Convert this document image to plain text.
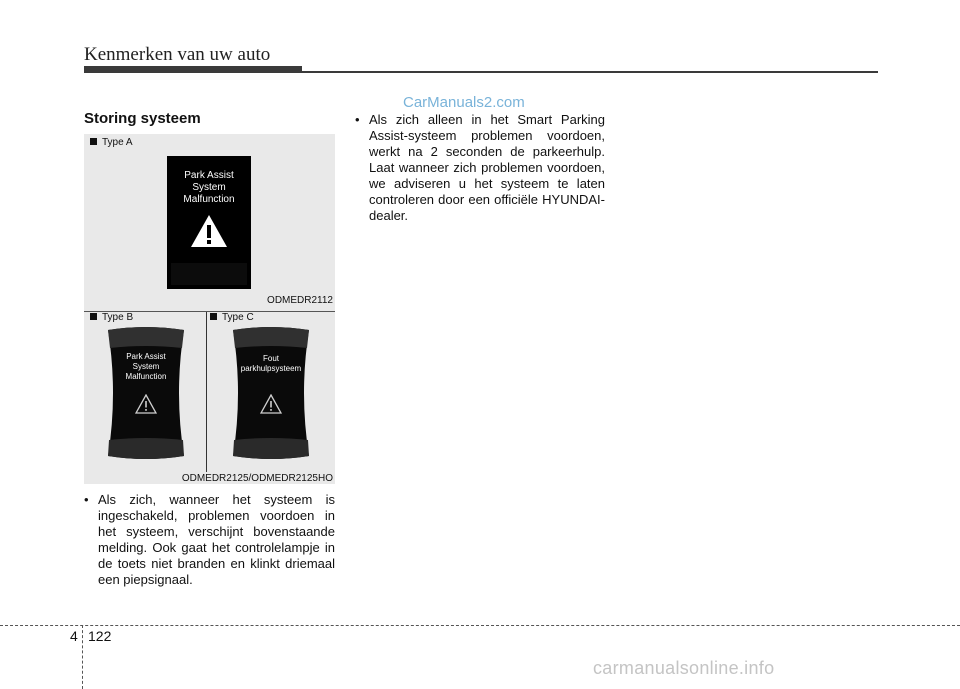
Kenmerken van uw auto
CarManuals2.com
Storing systeem
Type A
Park Assist
System
Malfunction
ODMEDR2112
Type B	Type C
Park Assist
System
Malfunction
Fout
parkhulpsysteem
ODMEDR2125/ODMEDR2125HO
• Als zich, wanneer het systeem is ingeschakeld, problemen voordoen in het systeem, verschijnt bovenstaande melding. Ook gaat het controlelampje in de toets niet branden en klinkt driemaal een piepsignaal.
• Als zich alleen in het Smart Parking Assist-systeem problemen voordoen, werkt na 2 seconden de parkeerhulp. Laat wanneer zich problemen voordoen, we adviseren u het systeem te laten controleren door een officiële HYUNDAI-dealer.
4 122
carmanualsonline.info
